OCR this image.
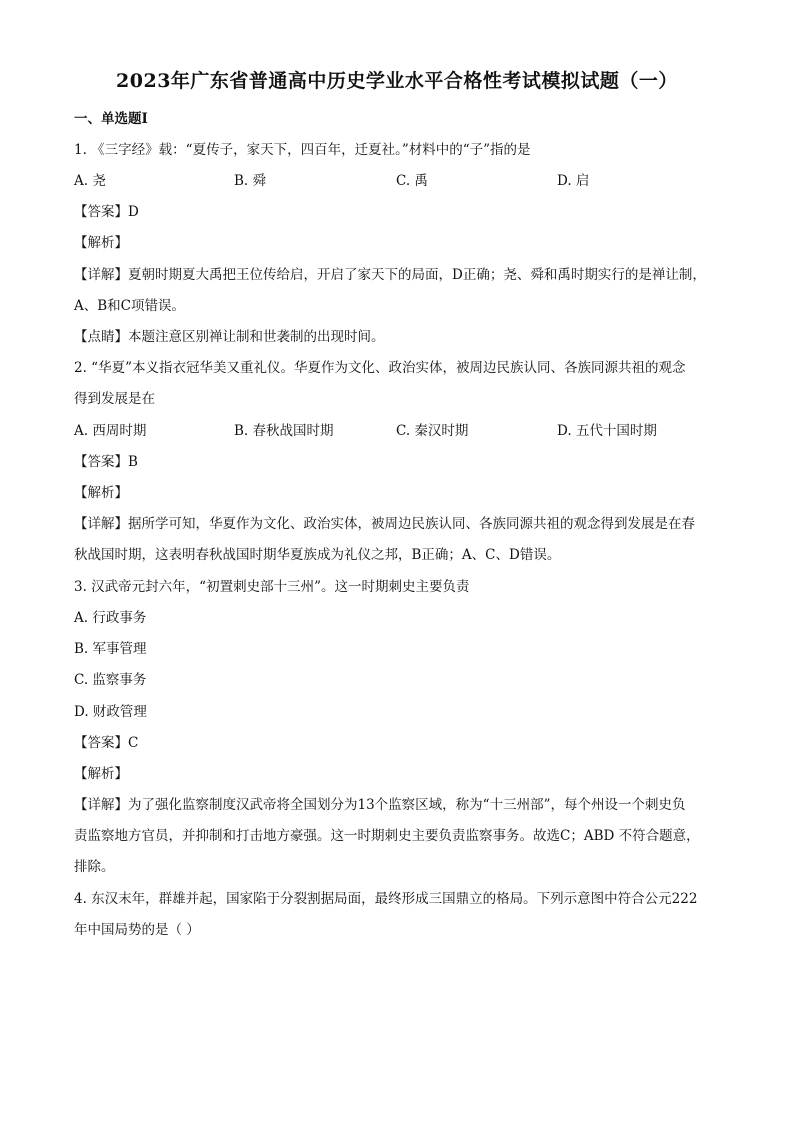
2023年广东省普通高中历史学业水平合格性考试模拟试题（一）
一、单选题Ⅰ
1. 《三字经》载：“夏传子，家天下，四百年，迁夏社。”材料中的“子”指的是
A. 尧	B. 舜	C. 禹	D. 启
【答案】D
【解析】
【详解】夏朝时期夏大禹把王位传给启，开启了家天下的局面，D正确；尧、舜和禹时期实行的是禅让制，
A、B和C项错误。
【点睛】本题注意区别禅让制和世袭制的出现时间。
2. “华夏”本义指衣冠华美又重礼仪。华夏作为文化、政治实体，被周边民族认同、各族同源共祖的观念
得到发展是在
A. 西周时期	B. 春秋战国时期	C. 秦汉时期	D. 五代十国时期
【答案】B
【解析】
【详解】据所学可知，华夏作为文化、政治实体，被周边民族认同、各族同源共祖的观念得到发展是在春
秋战国时期，这表明春秋战国时期华夏族成为礼仪之邦，B正确；A、C、D错误。
3. 汉武帝元封六年，“初置刺史部十三州”。这一时期刺史主要负责
A. 行政事务
B. 军事管理
C. 监察事务
D. 财政管理
【答案】C
【解析】
【详解】为了强化监察制度汉武帝将全国划分为13个监察区域，称为“十三州部”，每个州设一个刺史负
责监察地方官员，并抑制和打击地方豪强。这一时期刺史主要负责监察事务。故选C；ABD 不符合题意，
排除。
4. 东汉末年，群雄并起，国家陷于分裂割据局面，最终形成三国鼎立的格局。下列示意图中符合公元222
年中国局势的是（ ）
